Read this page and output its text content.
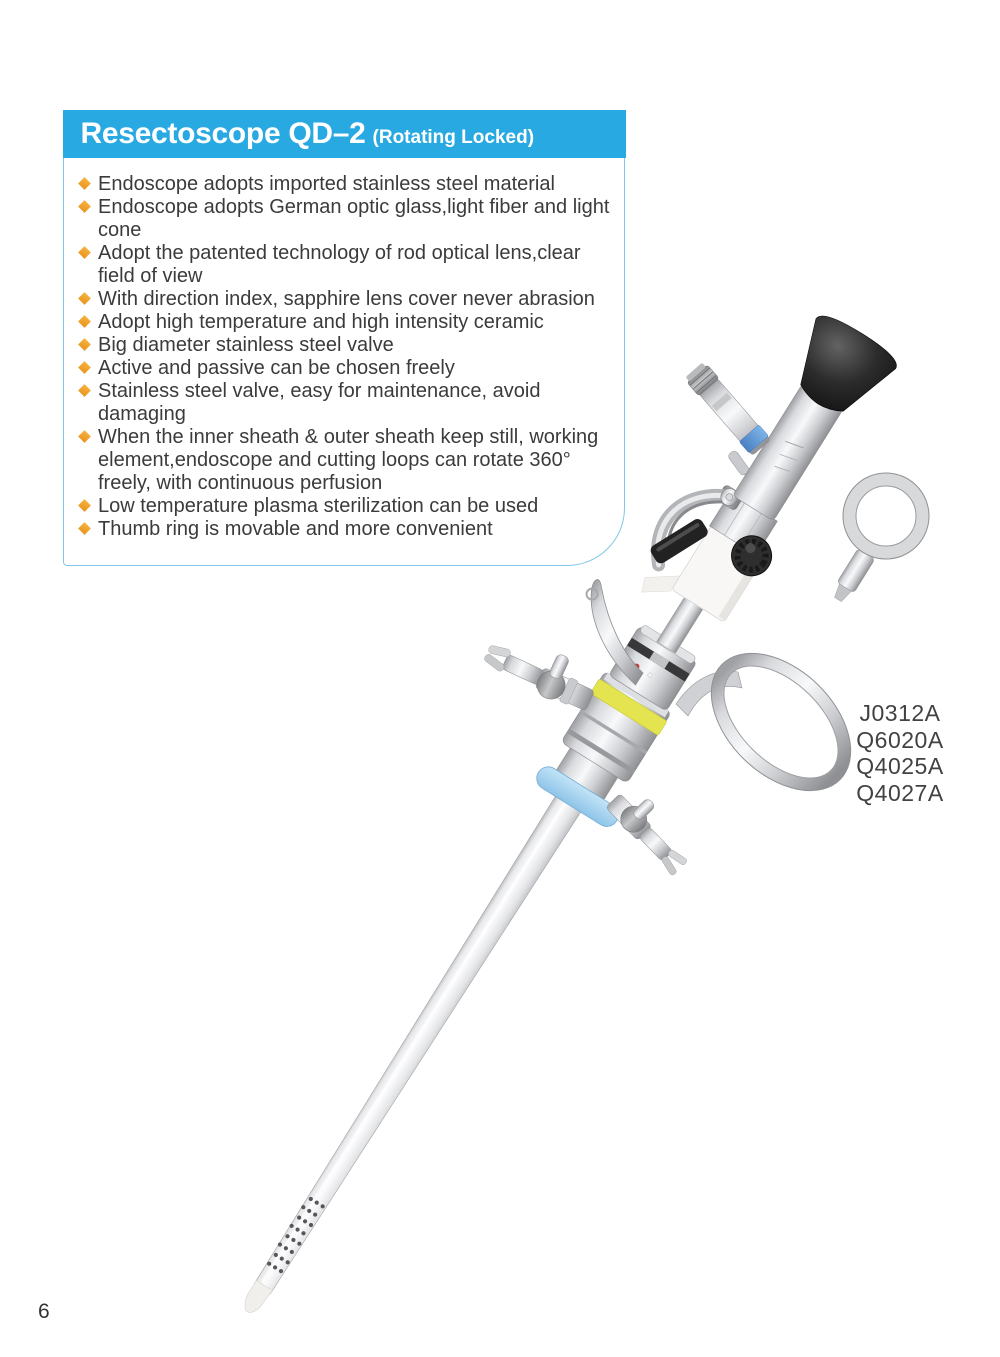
Resectoscope QD–2 (Rotating Locked)
Endoscope adopts imported stainless steel material
Endoscope adopts German optic glass,light fiber and light cone
Adopt the patented technology of rod optical lens,clear field of view
With direction index, sapphire lens cover never abrasion
Adopt high temperature and high intensity ceramic
Big diameter stainless steel valve
Active and passive can be chosen freely
Stainless steel valve, easy for maintenance, avoid damaging
When the inner sheath & outer sheath keep still, working element,endoscope and cutting loops can rotate 360° freely, with continuous perfusion
Low temperature plasma sterilization can be used
Thumb ring is movable and more convenient
J0312A
Q6020A
Q4025A
Q4027A
6
